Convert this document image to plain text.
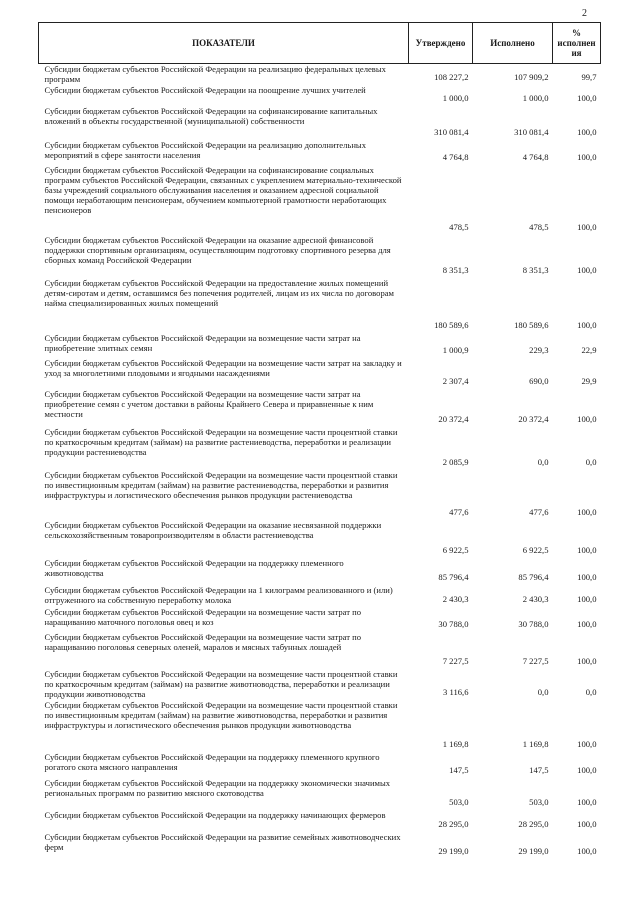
2
ПОКАЗАТЕЛИ	Утверждено	Исполнено	%
исполнен
ия
Субсидии бюджетам субъектов Российской Федерации на реализацию федеральных целевых программ	108 227,2	107 909,2	99,7
Субсидии бюджетам субъектов Российской Федерации на поощрение лучших учителей	1 000,0	1 000,0	100,0
Субсидии бюджетам субъектов Российской Федерации на софинансирование капитальных вложений в объекты государственной (муниципальной) собственности	310 081,4	310 081,4	100,0
Субсидии бюджетам субъектов Российской Федерации на реализацию дополнительных мероприятий в сфере занятости населения	4 764,8	4 764,8	100,0
Субсидии бюджетам субъектов Российской Федерации на софинансирование социальных программ субъектов Российской Федерации, связанных с укреплением материально-технической базы учреждений социального обслуживания населения и оказанием адресной социальной помощи неработающим пенсионерам, обучением компьютерной грамотности неработающих пенсионеров	478,5	478,5	100,0
Субсидии бюджетам субъектов Российской Федерации на оказание адресной финансовой поддержки спортивным организациям, осуществляющим подготовку спортивного резерва для сборных команд Российской Федерации	8 351,3	8 351,3	100,0
Субсидии бюджетам субъектов Российской Федерации на предоставление жилых помещений детям-сиротам и детям, оставшимся без попечения родителей, лицам из их числа по договорам найма специализированных жилых помещений	180 589,6	180 589,6	100,0
Субсидии бюджетам субъектов Российской Федерации на возмещение части затрат на приобретение элитных семян	1 000,9	229,3	22,9
Субсидии бюджетам субъектов Российской Федерации на возмещение части затрат на закладку и уход за многолетними плодовыми и ягодными насаждениями	2 307,4	690,0	29,9
Субсидии бюджетам субъектов Российской Федерации на возмещение части затрат на приобретение семян с учетом доставки в районы Крайнего Севера и приравненные к ним местности	20 372,4	20 372,4	100,0
Субсидии бюджетам субъектов Российской Федерации на возмещение части процентной ставки по краткосрочным кредитам (займам) на развитие растениеводства, переработки и реализации продукции растениеводства	2 085,9	0,0	0,0
Субсидии бюджетам субъектов Российской Федерации на возмещение части процентной ставки по инвестиционным кредитам (займам) на развитие растениеводства, переработки и развития инфраструктуры и логистического обеспечения рынков продукции растениеводства	477,6	477,6	100,0
Субсидии бюджетам субъектов Российской Федерации на оказание несвязанной поддержки сельскохозяйственным товаропроизводителям в области растениеводства	6 922,5	6 922,5	100,0
Субсидии бюджетам субъектов Российской Федерации на поддержку племенного животноводства	85 796,4	85 796,4	100,0
Субсидии бюджетам субъектов Российской Федерации на 1 килограмм реализованного и (или) отгруженного на собственную переработку молока	2 430,3	2 430,3	100,0
Субсидии бюджетам субъектов Российской Федерации на возмещение части затрат по наращиванию маточного поголовья овец и коз	30 788,0	30 788,0	100,0
Субсидии бюджетам субъектов Российской Федерации на возмещение части затрат по наращиванию поголовья северных оленей, маралов и мясных табунных лошадей	7 227,5	7 227,5	100,0
Субсидии бюджетам субъектов Российской Федерации на возмещение части процентной ставки по краткосрочным кредитам (займам) на развитие животноводства, переработки и реализации продукции животноводства	3 116,6	0,0	0,0
Субсидии бюджетам субъектов Российской Федерации на возмещение части процентной ставки по инвестиционным кредитам (займам) на развитие животноводства, переработки и развития инфраструктуры и логистического обеспечения рынков продукции животноводства	1 169,8	1 169,8	100,0
Субсидии бюджетам субъектов Российской Федерации на поддержку племенного крупного рогатого скота мясного направления	147,5	147,5	100,0
Субсидии бюджетам субъектов Российской Федерации на поддержку экономически значимых региональных программ по развитию мясного скотоводства	503,0	503,0	100,0
Субсидии бюджетам субъектов Российской Федерации на поддержку начинающих фермеров	28 295,0	28 295,0	100,0
Субсидии бюджетам субъектов Российской Федерации на развитие семейных животноводческих ферм	29 199,0	29 199,0	100,0
